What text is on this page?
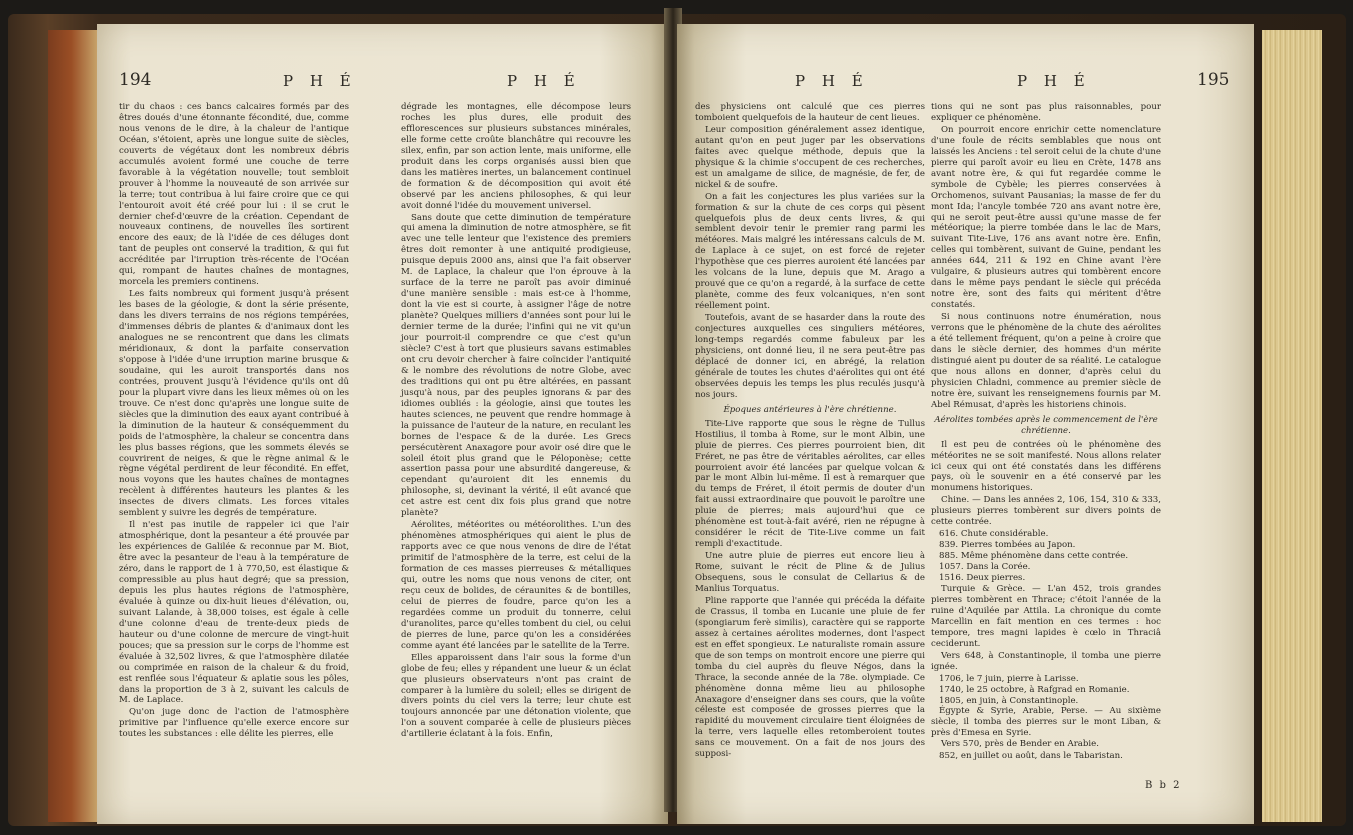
194	P H É	P H É

tir du chaos : ces bancs calcaires formés par des êtres doués d'une étonnante fécondité, due, comme nous venons de le dire, à la chaleur de l'antique Océan, s'étoient, après une longue suite de siècles, couverts de végétaux dont les nombreux débris accumulés avoient formé une couche de terre favorable à la végétation nouvelle; tout sembloit prouver à l'homme la nouveauté de son arrivée sur la terre; tout contribua à lui faire croire que ce qui l'entouroit avoit été créé pour lui : il se crut le dernier chef-d'œuvre de la création. Cependant de nouveaux continens, de nouvelles îles sortirent encore des eaux; de là l'idée de ces déluges dont tant de peuples ont conservé la tradition, & qui fut accréditée par l'irruption très-récente de l'Océan qui, rompant de hautes chaînes de montagnes, morcela les premiers continens.

Les faits nombreux qui forment jusqu'à présent les bases de la géologie, & dont la série présente, dans les divers terrains de nos régions tempérées, d'immenses débris de plantes & d'animaux dont les analogues ne se rencontrent que dans les climats méridionaux, & dont la parfaite conservation s'oppose à l'idée d'une irruption marine brusque & soudaine, qui les auroit transportés dans nos contrées, prouvent jusqu'à l'évidence qu'ils ont dû pour la plupart vivre dans les lieux mêmes où on les trouve. Ce n'est donc qu'après une longue suite de siècles que la diminution des eaux ayant contribué à la diminution de la hauteur & conséquemment du poids de l'atmosphère, la chaleur se concentra dans les plus basses régions, que les sommets élevés se couvrirent de neiges, & que le règne animal & le règne végétal perdirent de leur fécondité. En effet, nous voyons que les hautes chaînes de montagnes recèlent à différentes hauteurs les plantes & les insectes de divers climats. Les forces vitales semblent y suivre les degrés de température.

Il n'est pas inutile de rappeler ici que l'air atmosphérique, dont la pesanteur a été prouvée par les expériences de Galilée & reconnue par M. Biot, être avec la pesanteur de l'eau à la température de zéro, dans le rapport de 1 à 770,50, est élastique & compressible au plus haut degré; que sa pression, depuis les plus hautes régions de l'atmosphère, évaluée à quinze ou dix-huit lieues d'élévation, ou, suivant Lalande, à 38,000 toises, est égale à celle d'une colonne d'eau de trente-deux pieds de hauteur ou d'une colonne de mercure de vingt-huit pouces; que sa pression sur le corps de l'homme est évaluée à 32,502 livres, & que l'atmosphère dilatée ou comprimée en raison de la chaleur & du froid, est renflée sous l'équateur & aplatie sous les pôles, dans la proportion de 3 à 2, suivant les calculs de M. de Laplace.

Qu'on juge donc de l'action de l'atmosphère primitive par l'influence qu'elle exerce encore sur toutes les substances : elle délite les pierres, elle

dégrade les montagnes, elle décompose leurs roches les plus dures, elle produit des efflorescences sur plusieurs substances minérales, elle forme cette croûte blanchâtre qui recouvre les silex, enfin, par son action lente, mais uniforme, elle produit dans les corps organisés aussi bien que dans les matières inertes, un balancement continuel de formation & de décomposition qui avoit été observé par les anciens philosophes, & qui leur avoit donné l'idée du mouvement universel.

Sans doute que cette diminution de température qui amena la diminution de notre atmosphère, se fit avec une telle lenteur que l'existence des premiers êtres doit remonter à une antiquité prodigieuse, puisque depuis 2000 ans, ainsi que l'a fait observer M. de Laplace, la chaleur que l'on éprouve à la surface de la terre ne paroît pas avoir diminué d'une manière sensible : mais est-ce à l'homme, dont la vie est si courte, à assigner l'âge de notre planète? Quelques milliers d'années sont pour lui le dernier terme de la durée; l'infini qui ne vit qu'un jour pourroit-il comprendre ce que c'est qu'un siècle? C'est à tort que plusieurs savans estimables ont cru devoir chercher à faire coïncider l'antiquité & le nombre des révolutions de notre Globe, avec des traditions qui ont pu être altérées, en passant jusqu'à nous, par des peuples ignorans & par des idiomes oubliés : la géologie, ainsi que toutes les hautes sciences, ne peuvent que rendre hommage à la puissance de l'auteur de la nature, en reculant les bornes de l'espace & de la durée. Les Grecs persécutèrent Anaxagore pour avoir osé dire que le soleil étoit plus grand que le Péloponèse; cette assertion passa pour une absurdité dangereuse, & cependant qu'auroient dit les ennemis du philosophe, si, devinant la vérité, il eût avancé que cet astre est cent dix fois plus grand que notre planète?

Aérolites, météorites ou météorolithes. L'un des phénomènes atmosphériques qui aient le plus de rapports avec ce que nous venons de dire de l'état primitif de l'atmosphère de la terre, est celui de la formation de ces masses pierreuses & métalliques qui, outre les noms que nous venons de citer, ont reçu ceux de bolides, de céraunites & de bontilles, celui de pierres de foudre, parce qu'on les a regardées comme un produit du tonnerre, celui d'uranolites, parce qu'elles tombent du ciel, ou celui de pierres de lune, parce qu'on les a considérées comme ayant été lancées par le satellite de la Terre.

Elles apparoissent dans l'air sous la forme d'un globe de feu; elles y répandent une lueur & un éclat que plusieurs observateurs n'ont pas craint de comparer à la lumière du soleil; elles se dirigent de divers points du ciel vers la terre; leur chute est toujours annoncée par une détonation violente, que l'on a souvent comparée à celle de plusieurs pièces d'artillerie éclatant à la fois. Enfin,

P H É	P H É	195

des physiciens ont calculé que ces pierres tomboient quelquefois de la hauteur de cent lieues.

Leur composition généralement assez identique, autant qu'on en peut juger par les observations faites avec quelque méthode, depuis que la physique & la chimie s'occupent de ces recherches, est un amalgame de silice, de magnésie, de fer, de nickel & de soufre.

On a fait les conjectures les plus variées sur la formation & sur la chute de ces corps qui pèsent quelquefois plus de deux cents livres, & qui semblent devoir tenir le premier rang parmi les météores. Mais malgré les intéressans calculs de M. de Laplace à ce sujet, on est forcé de rejeter l'hypothèse que ces pierres auroient été lancées par les volcans de la lune, depuis que M. Arago a prouvé que ce qu'on a regardé, à la surface de cette planète, comme des feux volcaniques, n'en sont réellement point.

Toutefois, avant de se hasarder dans la route des conjectures auxquelles ces singuliers météores, long-temps regardés comme fabuleux par les physiciens, ont donné lieu, il ne sera peut-être pas déplacé de donner ici, en abrégé, la relation générale de toutes les chutes d'aérolites qui ont été observées depuis les temps les plus reculés jusqu'à nos jours.

Époques antérieures à l'ère chrétienne.

Tite-Live rapporte que sous le règne de Tullus Hostilius, il tomba à Rome, sur le mont Albin, une pluie de pierres. Ces pierres pourroient bien, dit Fréret, ne pas être de véritables aérolites, car elles pourroient avoir été lancées par quelque volcan & par le mont Albin lui-même. Il est à remarquer que du temps de Fréret, il étoit permis de douter d'un fait aussi extraordinaire que pouvoit le paroître une pluie de pierres; mais aujourd'hui que ce phénomène est tout-à-fait avéré, rien ne répugne à considérer le récit de Tite-Live comme un fait rempli d'exactitude.

Une autre pluie de pierres eut encore lieu à Rome, suivant le récit de Pline & de Julius Obsequens, sous le consulat de Cellarius & de Manlius Torquatus.

Pline rapporte que l'année qui précéda la défaite de Crassus, il tomba en Lucanie une pluie de fer (spongiarum ferè similis), caractère qui se rapporte assez à certaines aérolites modernes, dont l'aspect est en effet spongieux. Le naturaliste romain assure que de son temps on montroit encore une pierre qui tomba du ciel auprès du fleuve Négos, dans la Thrace, la seconde année de la 78e. olympiade. Ce phénomène donna même lieu au philosophe Anaxagore d'enseigner dans ses cours, que la voûte céleste est composée de grosses pierres que la rapidité du mouvement circulaire tient éloignées de la terre, vers laquelle elles retomberoient toutes sans ce mouvement. On a fait de nos jours des supposi-

tions qui ne sont pas plus raisonnables, pour expliquer ce phénomène.

On pourroit encore enrichir cette nomenclature d'une foule de récits semblables que nous ont laissés les Anciens : tel seroit celui de la chute d'une pierre qui paroît avoir eu lieu en Crète, 1478 ans avant notre ère, & qui fut regardée comme le symbole de Cybèle; les pierres conservées à Orchomenos, suivant Pausanias; la masse de fer du mont Ida; l'ancyle tombée 720 ans avant notre ère, qui ne seroit peut-être aussi qu'une masse de fer météorique; la pierre tombée dans le lac de Mars, suivant Tite-Live, 176 ans avant notre ère. Enfin, celles qui tombèrent, suivant de Guine, pendant les années 644, 211 & 192 en Chine avant l'ère vulgaire, & plusieurs autres qui tombèrent encore dans le même pays pendant le siècle qui précéda notre ère, sont des faits qui méritent d'être constatés.

Si nous continuons notre énumération, nous verrons que le phénomène de la chute des aérolites a été tellement fréquent, qu'on a peine à croire que dans le siècle dernier, des hommes d'un mérite distingué aient pu douter de sa réalité. Le catalogue que nous allons en donner, d'après celui du physicien Chladni, commence au premier siècle de notre ère, suivant les renseignemens fournis par M. Abel Rémusat, d'après les historiens chinois.

Aérolites tombées après le commencement de l'ère chrétienne.

Il est peu de contrées où le phénomène des météorites ne se soit manifesté. Nous allons relater ici ceux qui ont été constatés dans les différens pays, où le souvenir en a été conservé par les monumens historiques.

Chine. — Dans les années 2, 106, 154, 310 & 333, plusieurs pierres tombèrent sur divers points de cette contrée.

616. Chute considérable.

839. Pierres tombées au Japon.

885. Même phénomène dans cette contrée.

1057. Dans la Corée.

1516. Deux pierres.

Turquie & Grèce. — L'an 452, trois grandes pierres tombèrent en Thrace; c'étoit l'année de la ruine d'Aquilée par Attila. La chronique du comte Marcellin en fait mention en ces termes : hoc tempore, tres magni lapides è cœlo in Thraciâ ceciderunt.

Vers 648, à Constantinople, il tomba une pierre ignée.

1706, le 7 juin, pierre à Larisse.

1740, le 25 octobre, à Rafgrad en Romanie.

1805, en juin, à Constantinople.

Égypte & Syrie, Arabie, Perse. — Au sixième siècle, il tomba des pierres sur le mont Liban, & près d'Emesa en Syrie.

Vers 570, près de Bender en Arabie.

852, en juillet ou août, dans le Tabaristan.

B b 2
